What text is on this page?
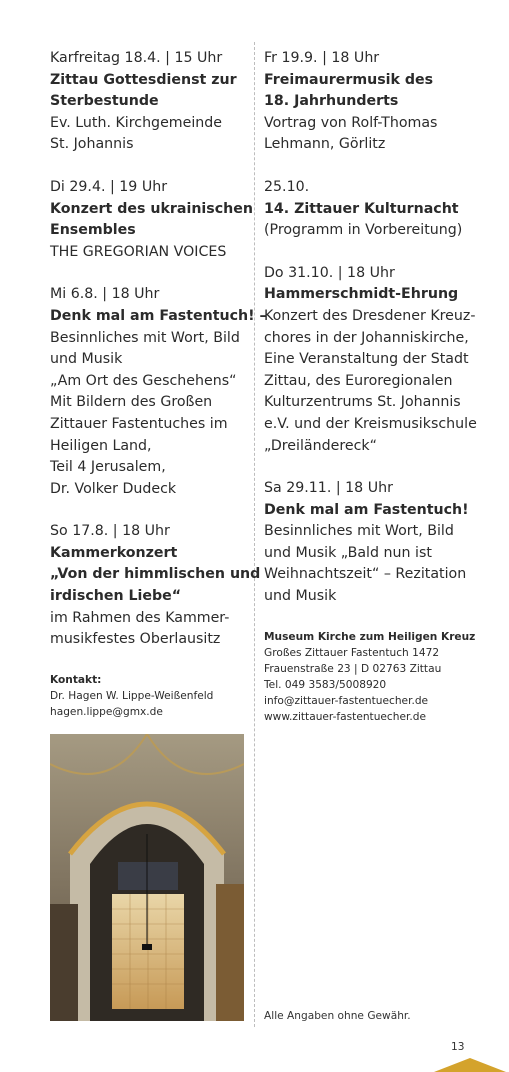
Karfreitag 18.4. | 15 Uhr
Zittau Gottesdienst zur
Sterbestunde
Ev. Luth. Kirchgemeinde
St. Johannis
Di 29.4. | 19 Uhr
Konzert des ukrainischen
Ensembles
THE GREGORIAN VOICES
Mi 6.8. | 18 Uhr
Denk mal am Fastentuch! –
Besinnliches mit Wort, Bild
und Musik
„Am Ort des Geschehens“
Mit Bildern des Großen
Zittauer Fastentuches im
Heiligen Land,
Teil 4 Jerusalem,
Dr. Volker Dudeck
So 17.8. | 18 Uhr
Kammerkonzert
„Von der himmlischen und
irdischen Liebe“
im Rahmen des Kammer-
musikfestes Oberlausitz
Kontakt:
Dr. Hagen W. Lippe-Weißenfeld
hagen.lippe@gmx.de
Fr 19.9. | 18 Uhr
Freimaurermusik des
18. Jahrhunderts
Vortrag von Rolf-Thomas
Lehmann, Görlitz
25.10.
14. Zittauer Kulturnacht
(Programm in Vorbereitung)
Do 31.10. | 18 Uhr
Hammerschmidt-Ehrung
Konzert des Dresdener Kreuz-
chores in der Johanniskirche,
Eine Veranstaltung der Stadt
Zittau, des Euroregionalen
Kulturzentrums St. Johannis
e.V. und der Kreismusikschule
„Dreiländereck“
Sa 29.11. | 18 Uhr
Denk mal am Fastentuch!
Besinnliches mit Wort, Bild
und Musik „Bald nun ist
Weihnachtszeit“ – Rezitation
und Musik
Museum Kirche zum Heiligen Kreuz
Großes Zittauer Fastentuch 1472
Frauenstraße 23 | D 02763 Zittau
Tel. 049 3583/5008920
info@zittauer-fastentuecher.de
www.zittauer-fastentuecher.de
Alle Angaben ohne Gewähr.
13
